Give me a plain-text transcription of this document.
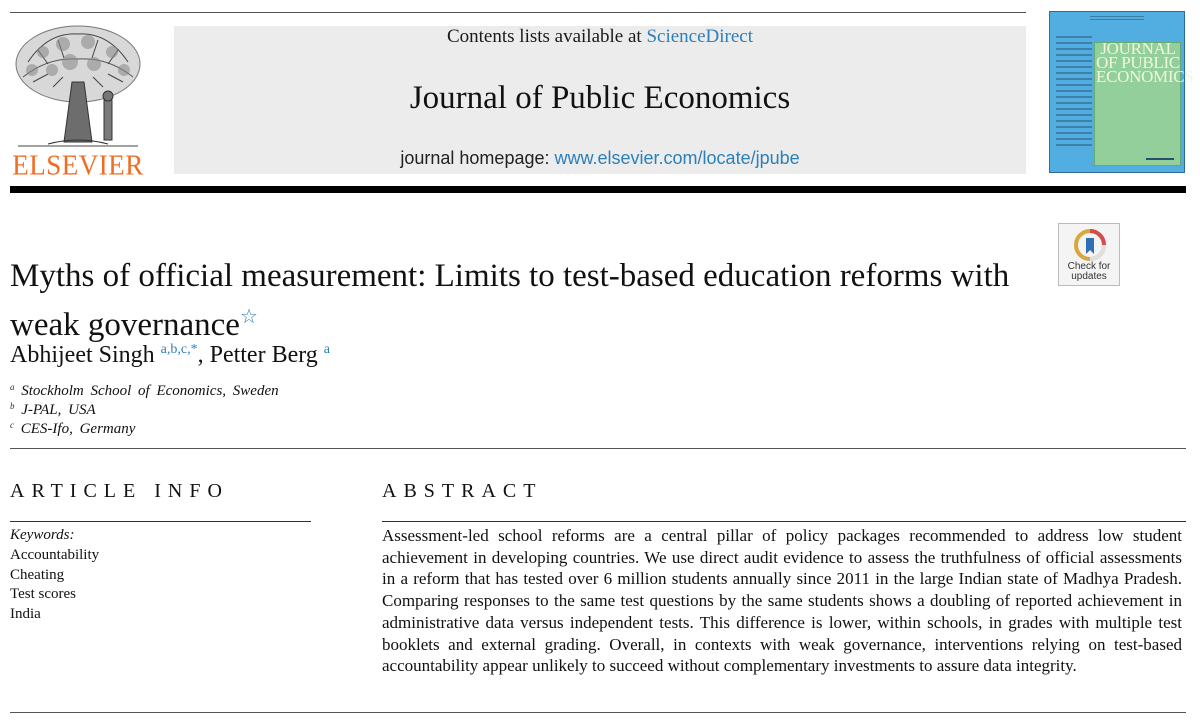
ELSEVIER
Contents lists available at ScienceDirect
Journal of Public Economics
journal homepage: www.elsevier.com/locate/jpube
JOURNAL OF PUBLIC ECONOMICS
Check for updates
Myths of official measurement: Limits to test-based education reforms with weak governance☆
Abhijeet Singh $^{a,b,c,*}$, Petter Berg $^a$
$^a$ Stockholm School of Economics, Sweden
$^b$ J-PAL, USA
$^c$ CES-Ifo, Germany
ARTICLE INFO
Keywords:
Accountability
Cheating
Test scores
India
ABSTRACT

Assessment-led school reforms are a central pillar of policy packages recommended to address low student achievement in developing countries. We use direct audit evidence to assess the truthfulness of official assessments in a reform that has tested over 6 million students annually since 2011 in the large Indian state of Madhya Pradesh. Comparing responses to the same test questions by the same students shows a doubling of reported achievement in administrative data versus independent tests. This difference is lower, within schools, in grades with multiple test booklets and external grading. Overall, in contexts with weak governance, interventions relying on test-based accountability appear unlikely to succeed without complementary investments to assure data integrity.
